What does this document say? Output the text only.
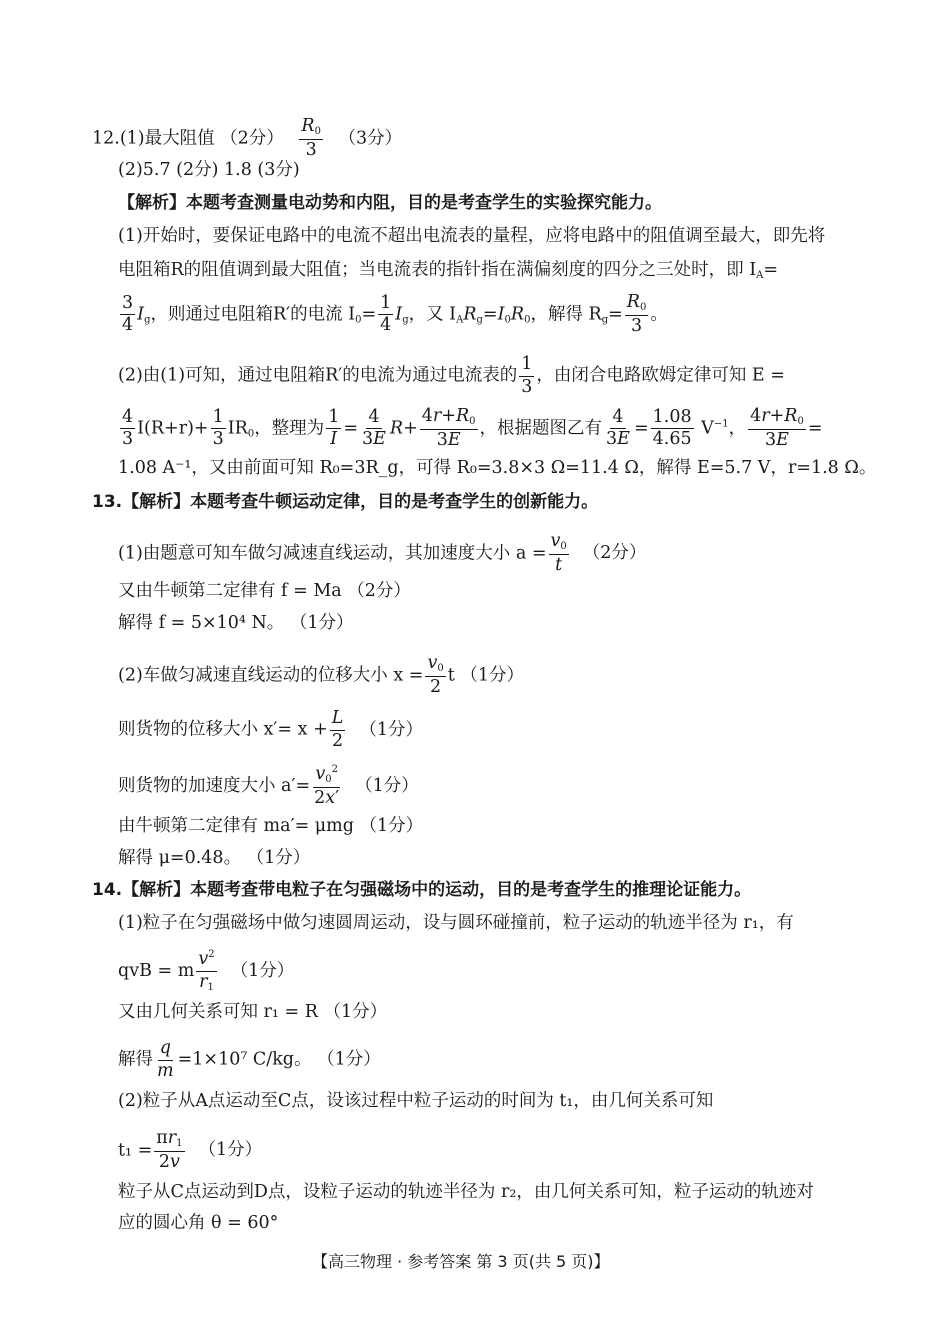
12.(1)最大阻值 （2分） $\frac{R_0}{3} (3$分）
(2)5.7 (2分) 1.8 (3分)
【解析】本题考查测量电动势和内阻，目的是考查学生的实验探究能力。
(1)开始时，要保证电路中的电流不超出电流表的量程，应将电路中的阻值调至最大，即先将
电阻箱R的阻值调到最大阻值；当电流表的指针指在满偏刻度的四分之三处时，即 $I_A=$
$\frac{3}{4} I_g$，则通过电阻箱R′的电流 $I_0= \frac{1}{4} I_g$，又 $I_AR_g=I_0R_0$，解得 $R_g= \frac{R_0}{3}$ 。
(2)由(1)可知，通过电阻箱R′的电流为通过电流表的 $\frac{1}{3}$ ，由闭合电路欧姆定律可知 E =
$\frac{4}{3} I(R+r)+ \frac{1}{3} IR_0$，整理为 $\frac{1}{I} = \frac{4}{3E} R+ \frac{4r+R_0}{3E}$ ，根据题图乙有 $\frac{4}{3E} = \frac{1.08}{4.65} V^{-1}$， $\frac{4r+R_0}{3E}$ =
1.08 A⁻¹，又由前面可知 R₀=3R_g，可得 R₀=3.8×3 Ω=11.4 Ω，解得 E=5.7 V，r=1.8 Ω。
13.【解析】本题考查牛顿运动定律，目的是考查学生的创新能力。
(1)由题意可知车做匀减速直线运动，其加速度大小 $a = \frac{v_0}{t} (2$分）
又由牛顿第二定律有 f = Ma （2分）
解得 f = 5×10⁴ N。 （1分）
(2)车做匀减速直线运动的位移大小 $x = \frac{v_0}{2}$ t （1分）
则货物的位移大小 $x'= x + \frac{L}{2} (1$分）
则货物的加速度大小 $a'= \frac{v_0^2}{2x'} (1$分）
由牛顿第二定律有 ma′= μmg （1分）
解得 μ=0.48。 （1分）
14.【解析】本题考查带电粒子在匀强磁场中的运动，目的是考查学生的推理论证能力。
(1)粒子在匀强磁场中做匀速圆周运动，设与圆环碰撞前，粒子运动的轨迹半径为 r₁，有
qvB = m $\frac{v^2}{r_1} (1$分）
又由几何关系可知 r₁ = R （1分）
解得 $\frac{q}{m} =1\times 10^7$ C/kg。 （1分）
(2)粒子从A点运动至C点，设该过程中粒子运动的时间为 t₁，由几何关系可知
$t_1 = \frac{\pi r_1}{2v} (1$分）
粒子从C点运动到D点，设粒子运动的轨迹半径为 r₂，由几何关系可知，粒子运动的轨迹对
应的圆心角 θ = 60°
【高三物理 · 参考答案 第 3 页(共 5 页)】
